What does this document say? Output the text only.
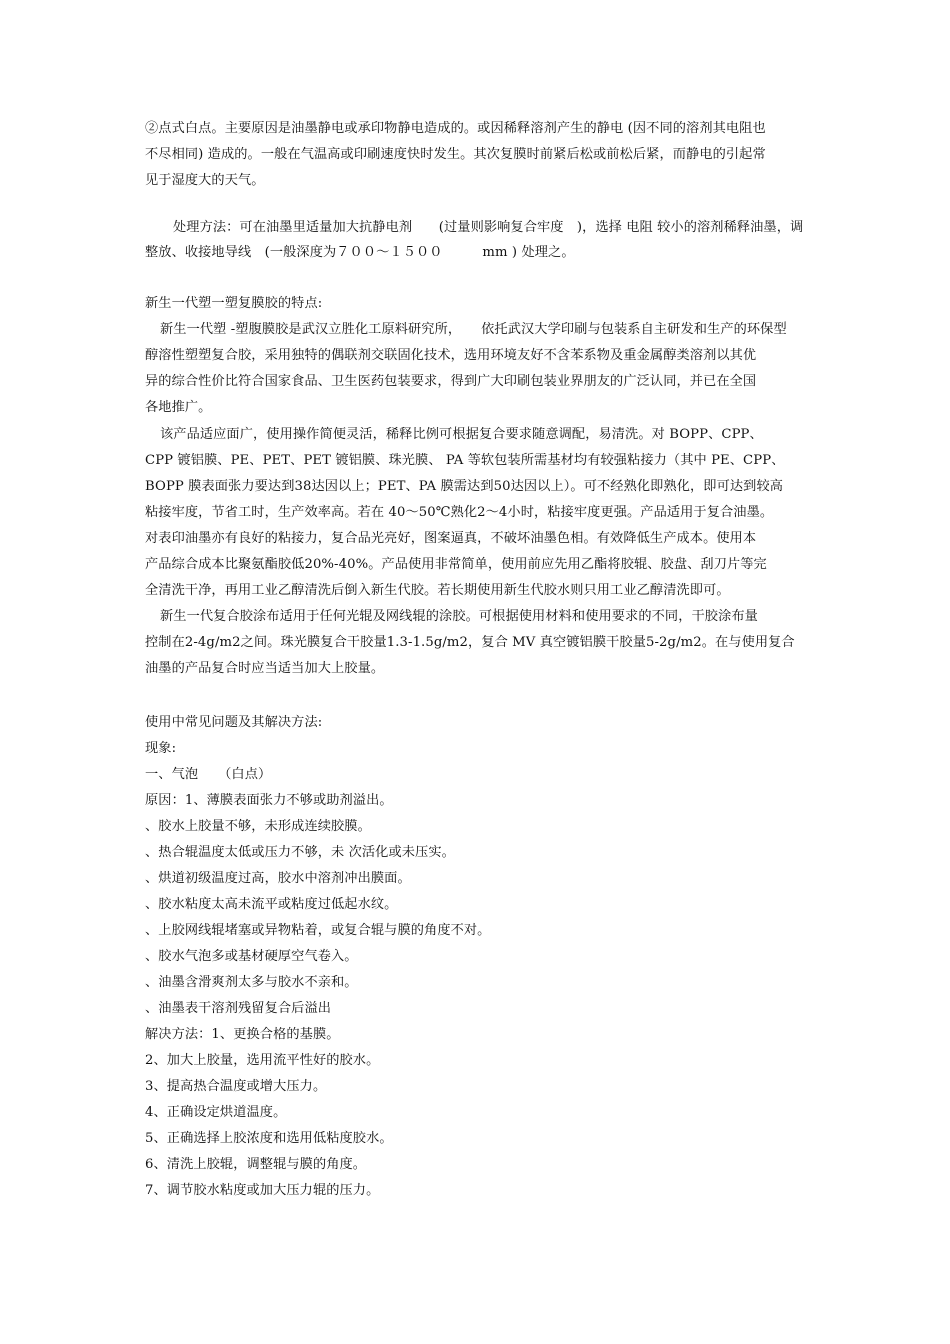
②点式白点。主要原因是油墨静电或承印物静电造成的。或因稀释溶剂产生的静电 (因不同的溶剂其电阻也
不尽相同) 造成的。一般在气温高或印刷速度快时发生。其次复膜时前紧后松或前松后紧，而静电的引起常
见于湿度大的天气。
处理方法：可在油墨里适量加大抗静电剂　　(过量则影响复合牢度　)，选择 电阻 较小的溶剂稀释油墨，调
整放、收接地导线　(一般深度为７００～１５００　　　mm ) 处理之。
新生一代塑一塑复膜胶的特点:
新生一代塑 -塑腹膜胶是武汉立胜化工原料研究所，　　依托武汉大学印刷与包装系自主研发和生产的环保型
醇溶性塑塑复合胶，采用独特的偶联剂交联固化技术，选用环境友好不含苯系物及重金属醇类溶剂以其优
异的综合性价比符合国家食品、卫生医药包装要求，得到广大印刷包装业界朋友的广泛认同，并已在全国
各地推广。
该产品适应面广，使用操作简便灵活，稀释比例可根据复合要求随意调配，易清洗。对 BOPP、CPP、
CPP 镀铝膜、PE、PET、PET 镀铝膜、珠光膜、 PA 等软包装所需基材均有较强粘接力（其中 PE、CPP、
BOPP 膜表面张力要达到38达因以上；PET、PA 膜需达到50达因以上）。可不经熟化即熟化，即可达到较高
粘接牢度，节省工时，生产效率高。若在 40～50℃熟化2～4小时，粘接牢度更强。产品适用于复合油墨。
对表印油墨亦有良好的粘接力，复合品光亮好，图案逼真，不破坏油墨色相。有效降低生产成本。使用本
产品综合成本比聚氨酯胶低20%-40%。产品使用非常简单，使用前应先用乙酯将胶辊、胶盘、刮刀片等完
全清洗干净，再用工业乙醇清洗后倒入新生代胶。若长期使用新生代胶水则只用工业乙醇清洗即可。
新生一代复合胶涂布适用于任何光辊及网线辊的涂胶。可根据使用材料和使用要求的不同，干胶涂布量
控制在2-4g/m2之间。珠光膜复合干胶量1.3-1.5g/m2，复合 MV 真空镀铝膜干胶量5-2g/m2。在与使用复合
油墨的产品复合时应当适当加大上胶量。
使用中常见问题及其解决方法:
现象:
一、气泡　　（白点）
原因：1、薄膜表面张力不够或助剂溢出。
、胶水上胶量不够，未形成连续胶膜。
、热合辊温度太低或压力不够，未 次活化或未压实。
、烘道初级温度过高，胶水中溶剂冲出膜面。
、胶水粘度太高未流平或粘度过低起水纹。
、上胶网线辊堵塞或异物粘着，或复合辊与膜的角度不对。
、胶水气泡多或基材硬厚空气卷入。
、油墨含滑爽剂太多与胶水不亲和。
、油墨表干溶剂残留复合后溢出
解决方法：1、更换合格的基膜。
2、加大上胶量，选用流平性好的胶水。
3、提高热合温度或增大压力。
4、正确设定烘道温度。
5、正确选择上胶浓度和选用低粘度胶水。
6、清洗上胶辊，调整辊与膜的角度。
7、调节胶水粘度或加大压力辊的压力。
